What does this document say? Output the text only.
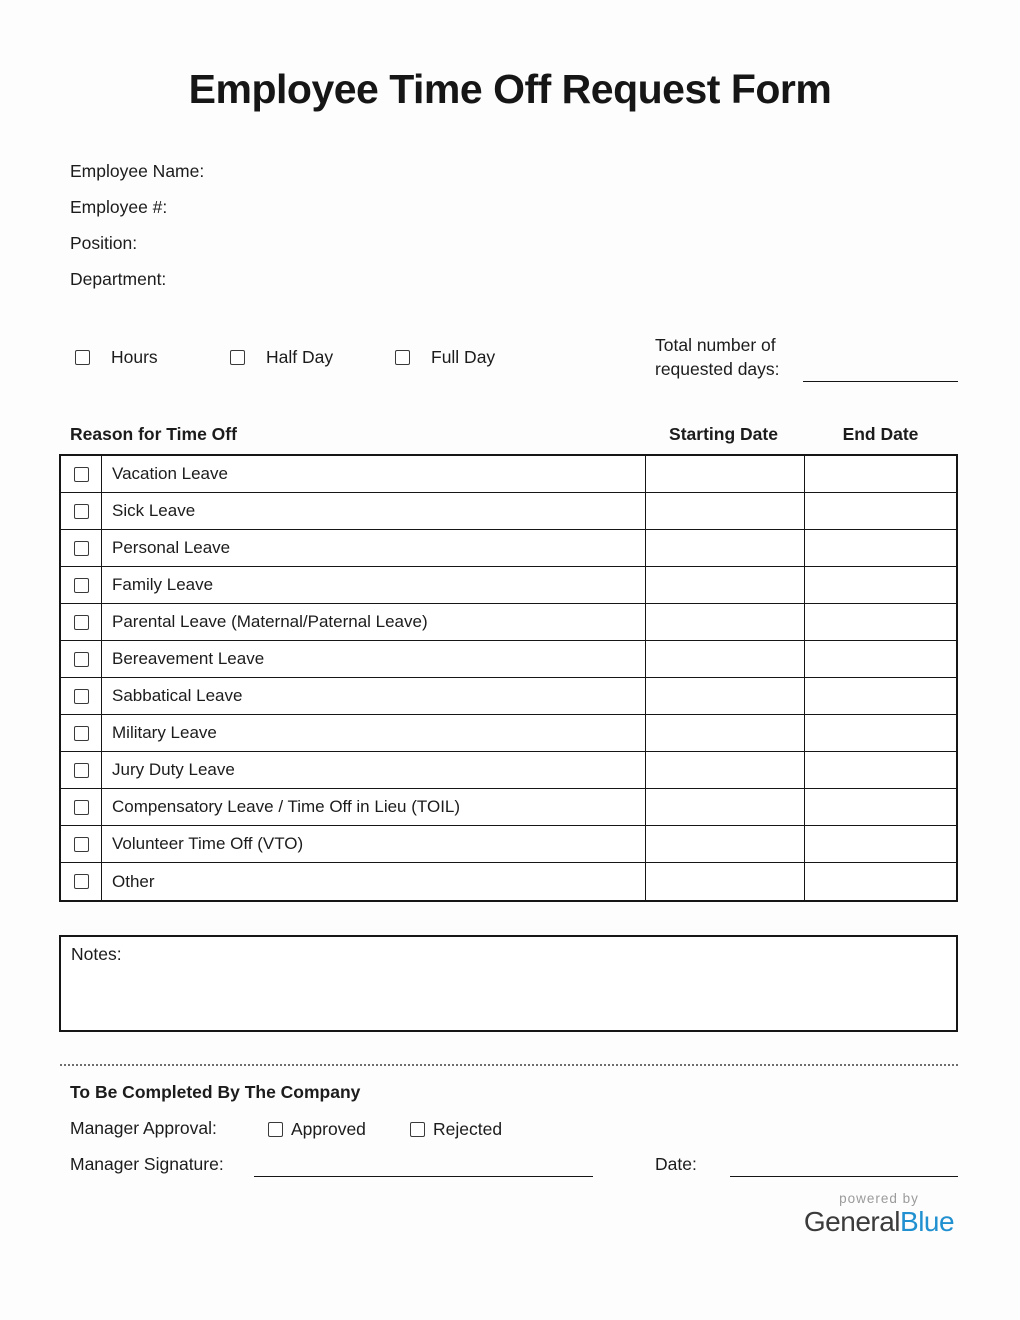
Employee Time Off Request Form
Employee Name:
Employee #:
Position:
Department:
Hours	Half Day	Full Day
Total number of
requested days:
Reason for Time Off	Starting Date	End Date
Vacation Leave
Sick Leave
Personal Leave
Family Leave
Parental Leave (Maternal/Paternal Leave)
Bereavement Leave
Sabbatical Leave
Military Leave
Jury Duty Leave
Compensatory Leave / Time Off in Lieu (TOIL)
Volunteer Time Off (VTO)
Other
Notes:
To Be Completed By The Company
Manager Approval:	Approved	Rejected
Manager Signature:	Date:
powered by
GeneralBlue
